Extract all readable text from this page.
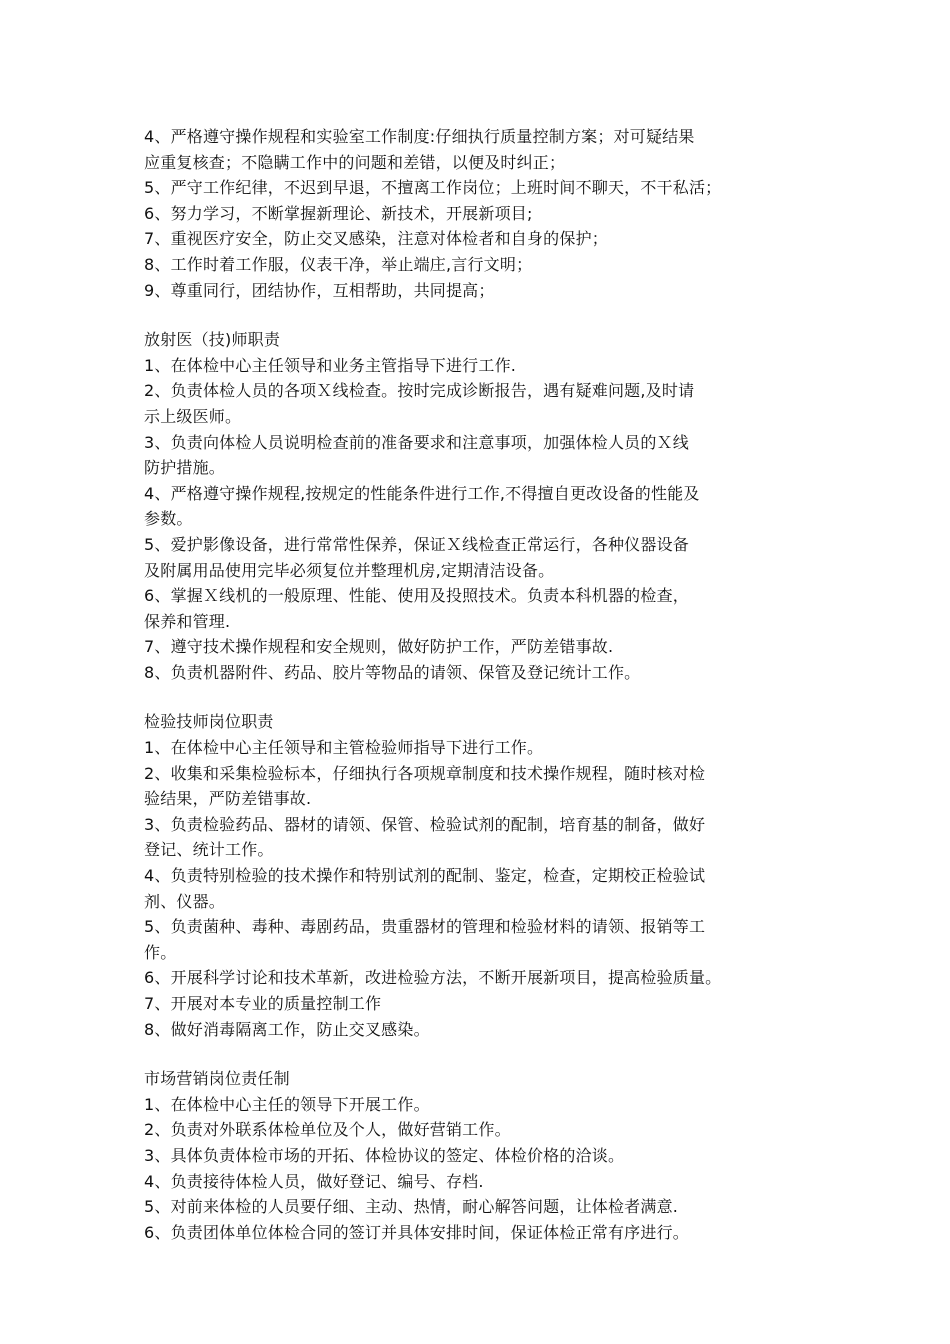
4、严格遵守操作规程和实验室工作制度:仔细执行质量控制方案；对可疑结果
应重复核查；不隐瞒工作中的问题和差错，以便及时纠正；
5、严守工作纪律，不迟到早退，不擅离工作岗位；上班时间不聊天，不干私活；
6、努力学习，不断掌握新理论、新技术，开展新项目;
7、重视医疗安全，防止交叉感染，注意对体检者和自身的保护；
8、工作时着工作服，仪表干净，举止端庄,言行文明；
9、尊重同行，团结协作，互相帮助，共同提高；
放射医（技)师职责
1、在体检中心主任领导和业务主管指导下进行工作.
2、负责体检人员的各项Ｘ线检查。按时完成诊断报告，遇有疑难问题,及时请
示上级医师。
3、负责向体检人员说明检查前的准备要求和注意事项，加强体检人员的Ｘ线
防护措施。
4、严格遵守操作规程,按规定的性能条件进行工作,不得擅自更改设备的性能及
参数。
5、爱护影像设备，进行常常性保养，保证Ｘ线检查正常运行，各种仪器设备
及附属用品使用完毕必须复位并整理机房,定期清洁设备。
6、掌握Ｘ线机的一般原理、性能、使用及投照技术。负责本科机器的检查，
保养和管理.
7、遵守技术操作规程和安全规则，做好防护工作，严防差错事故.
8、负责机器附件、药品、胶片等物品的请领、保管及登记统计工作。
检验技师岗位职责
1、在体检中心主任领导和主管检验师指导下进行工作。
2、收集和采集检验标本，仔细执行各项规章制度和技术操作规程，随时核对检
验结果，严防差错事故.
3、负责检验药品、器材的请领、保管、检验试剂的配制，培育基的制备，做好
登记、统计工作。
4、负责特别检验的技术操作和特别试剂的配制、鉴定，检查，定期校正检验试
剂、仪器。
5、负责菌种、毒种、毒剧药品，贵重器材的管理和检验材料的请领、报销等工
作。
6、开展科学讨论和技术革新，改进检验方法，不断开展新项目，提高检验质量。
7、开展对本专业的质量控制工作
8、做好消毒隔离工作，防止交叉感染。
市场营销岗位责任制
1、在体检中心主任的领导下开展工作。
2、负责对外联系体检单位及个人，做好营销工作。
3、具体负责体检市场的开拓、体检协议的签定、体检价格的洽谈。
4、负责接待体检人员，做好登记、编号、存档.
5、对前来体检的人员要仔细、主动、热情，耐心解答问题，让体检者满意.
6、负责团体单位体检合同的签订并具体安排时间，保证体检正常有序进行。
